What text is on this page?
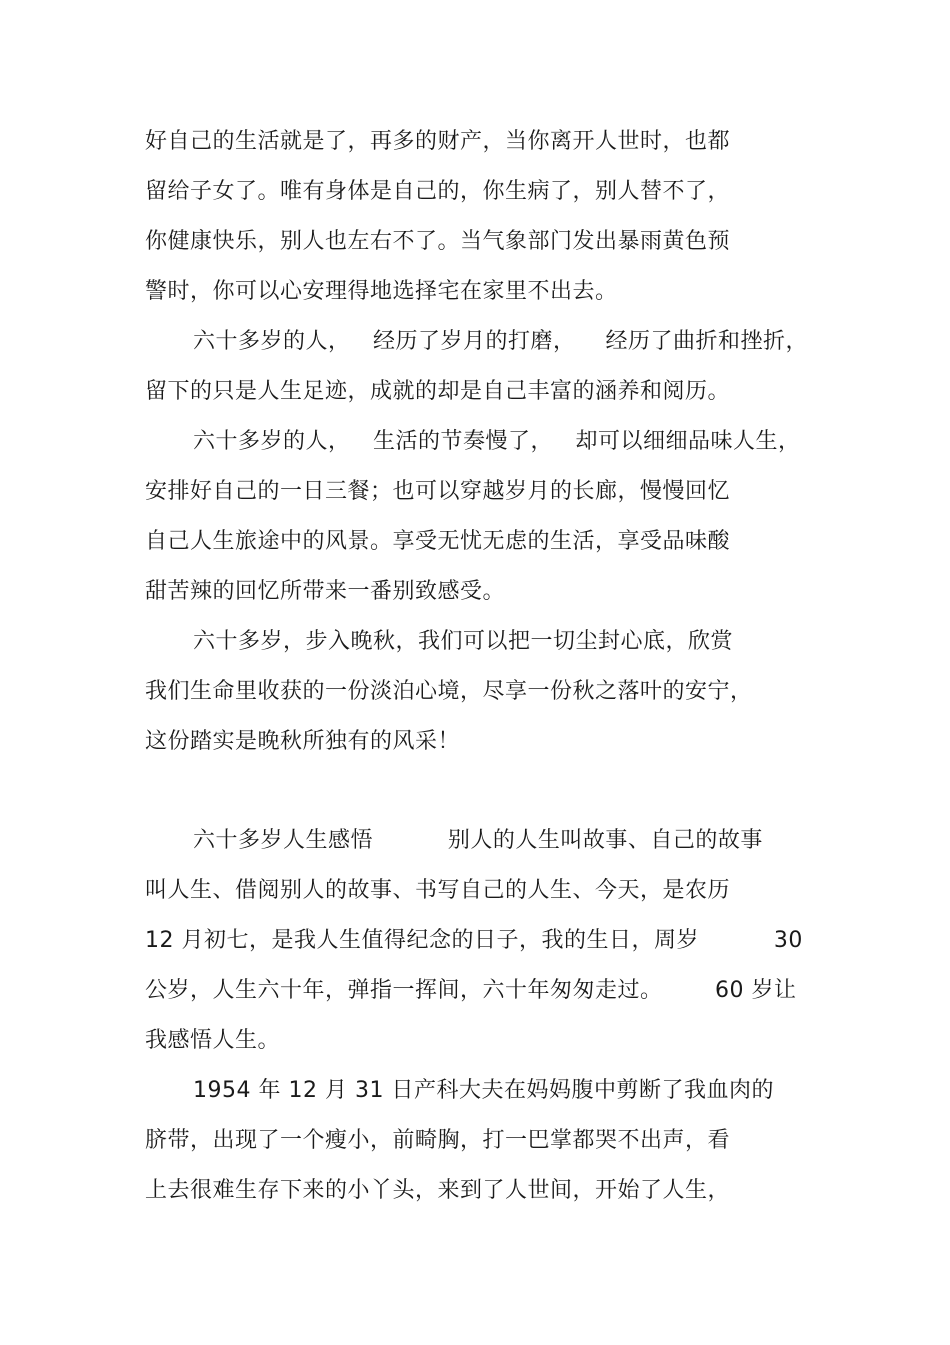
好自己的生活就是了，再多的财产，当你离开人世时，也都
留给子女了。唯有身体是自己的，你生病了，别人替不了，
你健康快乐，别人也左右不了。当气象部门发出暴雨黄色预
警时，你可以心安理得地选择宅在家里不出去。
六十多岁的人，   经历了岁月的打磨，    经历了曲折和挫折，
留下的只是人生足迹，成就的却是自己丰富的涵养和阅历。
六十多岁的人，   生活的节奏慢了，   却可以细细品味人生，
安排好自己的一日三餐；也可以穿越岁月的长廊，慢慢回忆
自己人生旅途中的风景。享受无忧无虑的生活，享受品味酸
甜苦辣的回忆所带来一番别致感受。
六十多岁，步入晚秋，我们可以把一切尘封心底，欣赏
我们生命里收获的一份淡泊心境，尽享一份秋之落叶的安宁，
这份踏实是晚秋所独有的风采！
六十多岁人生感悟          别人的人生叫故事、自己的故事
叫人生、借阅别人的故事、书写自己的人生、今天，是农历
12 月初七，是我人生值得纪念的日子，我的生日，周岁          30
公岁，人生六十年，弹指一挥间，六十年匆匆走过。       60 岁让
我感悟人生。
1954 年 12 月 31 日产科大夫在妈妈腹中剪断了我血肉的
脐带，出现了一个瘦小，前畸胸，打一巴掌都哭不出声，看
上去很难生存下来的小丫头，来到了人世间，开始了人生，
